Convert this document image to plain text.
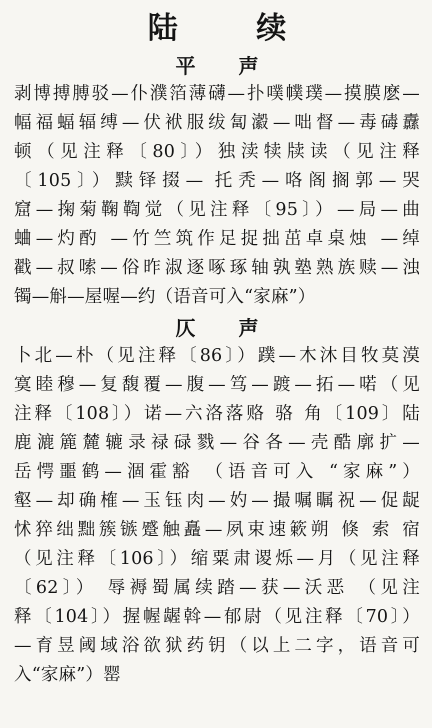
陆 续
平 声
剥博搏膊驳—仆濮箔薄礴—扑噗幞璞—摸膜麽—
幅福蝠辐缚—伏袱服绂匐瀫—咄督—毒碡纛
顿（见注释〔80〕）独渎犊牍读（见注释
〔105〕）黩铎掇— 托秃—咯阁搁郭—哭
窟—掬菊鞠鞫觉（见注释〔95〕）—局—曲
蛐—灼酌 —竹竺筑作足捉拙茁卓桌烛 —绰
戳—叔嗦—俗昨淑逐啄琢轴孰塾熟族赎—浊
镯—斛—屋喔—约（语音可入“家麻”）
仄 声
卜北—朴（见注释〔86〕）蹼—木沐目牧莫漠
寞睦穆—复馥覆—腹—笃—踱—拓—喏（见
注释〔108〕）诺—六洛落赂 骆 角〔109〕陆
鹿漉簏麓辘录禄碌戮—谷各—壳酷廓扩—
岳愕噩鹤—涸霍豁 （语音可入 “家麻”）
壑—却确榷—玉钰肉—妁—撮嘱瞩祝—促龊
怵猝绌黜簇镞蹙触矗—夙束速簌朔 倏 索 宿
（见注释〔106〕）缩粟肃谡烁—月（见注释
〔62〕） 辱褥蜀属续踏—获—沃恶 （见注
释〔104〕）握幄龌斡—郁尉（见注释〔70〕）
—育昱阈域浴欲狱药钥（以上二字，语音可
入“家麻”）罂
